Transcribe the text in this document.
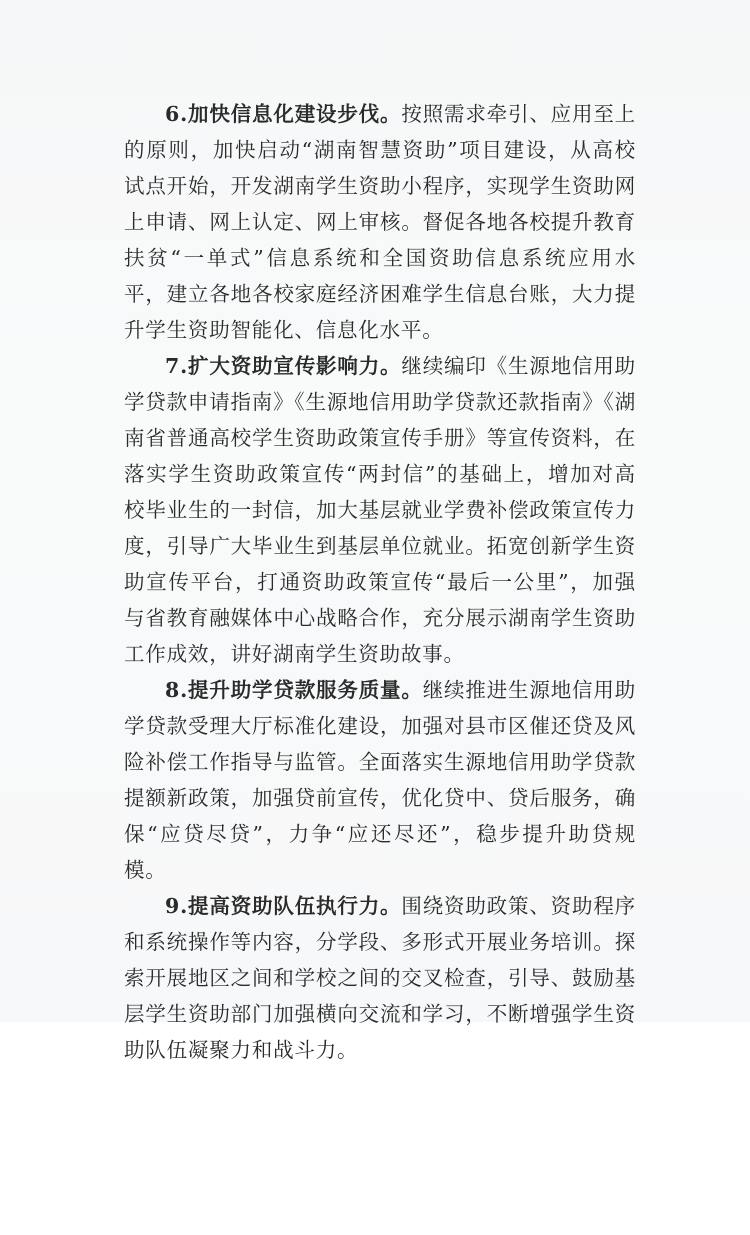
6.加快信息化建设步伐。按照需求牵引、应用至上的原则，加快启动“湖南智慧资助”项目建设，从高校试点开始，开发湖南学生资助小程序，实现学生资助网上申请、网上认定、网上审核。督促各地各校提升教育扶贫“一单式”信息系统和全国资助信息系统应用水平，建立各地各校家庭经济困难学生信息台账，大力提升学生资助智能化、信息化水平。

7.扩大资助宣传影响力。继续编印《生源地信用助学贷款申请指南》《生源地信用助学贷款还款指南》《湖南省普通高校学生资助政策宣传手册》等宣传资料，在落实学生资助政策宣传“两封信”的基础上，增加对高校毕业生的一封信，加大基层就业学费补偿政策宣传力度，引导广大毕业生到基层单位就业。拓宽创新学生资助宣传平台，打通资助政策宣传“最后一公里”，加强与省教育融媒体中心战略合作，充分展示湖南学生资助工作成效，讲好湖南学生资助故事。

8.提升助学贷款服务质量。继续推进生源地信用助学贷款受理大厅标准化建设，加强对县市区催还贷及风险补偿工作指导与监管。全面落实生源地信用助学贷款提额新政策，加强贷前宣传，优化贷中、贷后服务，确保“应贷尽贷”，力争“应还尽还”，稳步提升助贷规模。

9.提高资助队伍执行力。围绕资助政策、资助程序和系统操作等内容，分学段、多形式开展业务培训。探索开展地区之间和学校之间的交叉检查，引导、鼓励基层学生资助部门加强横向交流和学习，不断增强学生资助队伍凝聚力和战斗力。
